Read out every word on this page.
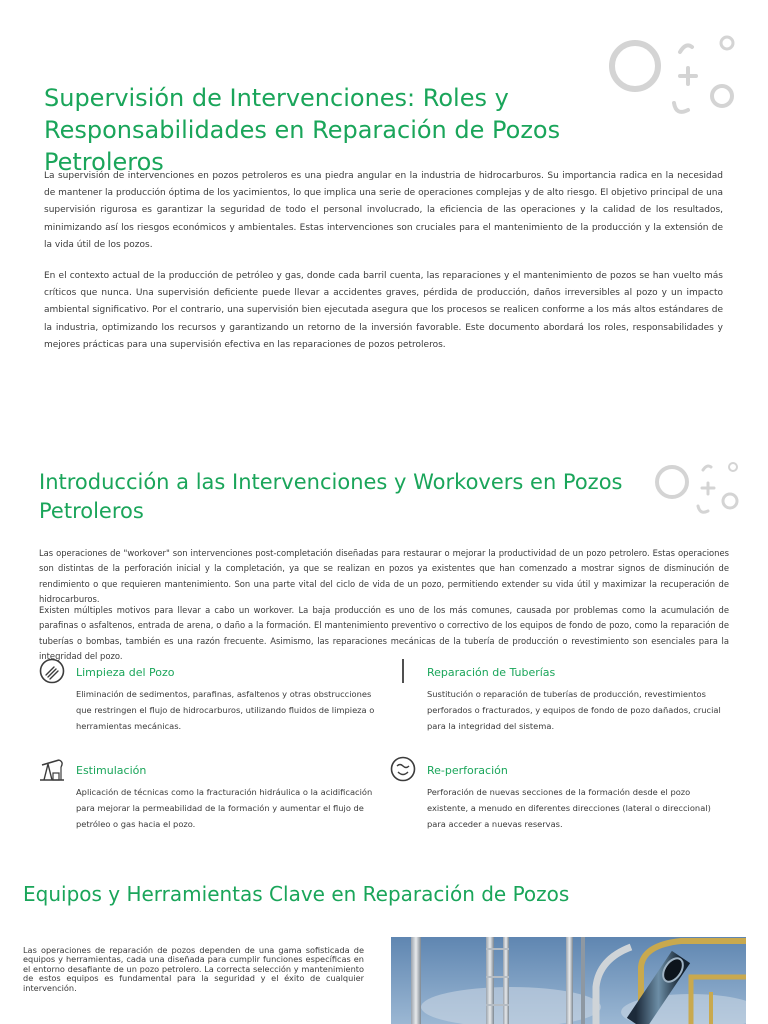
Supervisión de Intervenciones: Roles y Responsabilidades en Reparación de Pozos Petroleros

La supervisión de intervenciones en pozos petroleros es una piedra angular en la industria de hidrocarburos. Su importancia radica en la necesidad de mantener la producción óptima de los yacimientos, lo que implica una serie de operaciones complejas y de alto riesgo. El objetivo principal de una supervisión rigurosa es garantizar la seguridad de todo el personal involucrado, la eficiencia de las operaciones y la calidad de los resultados, minimizando así los riesgos económicos y ambientales. Estas intervenciones son cruciales para el mantenimiento de la producción y la extensión de la vida útil de los pozos.

En el contexto actual de la producción de petróleo y gas, donde cada barril cuenta, las reparaciones y el mantenimiento de pozos se han vuelto más críticos que nunca. Una supervisión deficiente puede llevar a accidentes graves, pérdida de producción, daños irreversibles al pozo y un impacto ambiental significativo. Por el contrario, una supervisión bien ejecutada asegura que los procesos se realicen conforme a los más altos estándares de la industria, optimizando los recursos y garantizando un retorno de la inversión favorable. Este documento abordará los roles, responsabilidades y mejores prácticas para una supervisión efectiva en las reparaciones de pozos petroleros.

Introducción a las Intervenciones y Workovers en Pozos Petroleros

Las operaciones de "workover" son intervenciones post-completación diseñadas para restaurar o mejorar la productividad de un pozo petrolero. Estas operaciones son distintas de la perforación inicial y la completación, ya que se realizan en pozos ya existentes que han comenzado a mostrar signos de disminución de rendimiento o que requieren mantenimiento. Son una parte vital del ciclo de vida de un pozo, permitiendo extender su vida útil y maximizar la recuperación de hidrocarburos.

Existen múltiples motivos para llevar a cabo un workover. La baja producción es uno de los más comunes, causada por problemas como la acumulación de parafinas o asfaltenos, entrada de arena, o daño a la formación. El mantenimiento preventivo o correctivo de los equipos de fondo de pozo, como la reparación de tuberías o bombas, también es una razón frecuente. Asimismo, las reparaciones mecánicas de la tubería de producción o revestimiento son esenciales para la integridad del pozo.

Limpieza del Pozo

Eliminación de sedimentos, parafinas, asfaltenos y otras obstrucciones que restringen el flujo de hidrocarburos, utilizando fluidos de limpieza o herramientas mecánicas.

Reparación de Tuberías

Sustitución o reparación de tuberías de producción, revestimientos perforados o fracturados, y equipos de fondo de pozo dañados, crucial para la integridad del sistema.

Estimulación

Aplicación de técnicas como la fracturación hidráulica o la acidificación para mejorar la permeabilidad de la formación y aumentar el flujo de petróleo o gas hacia el pozo.

Re-perforación

Perforación de nuevas secciones de la formación desde el pozo existente, a menudo en diferentes direcciones (lateral o direccional) para acceder a nuevas reservas.

Equipos y Herramientas Clave en Reparación de Pozos

Las operaciones de reparación de pozos dependen de una gama sofisticada de equipos y herramientas, cada una diseñada para cumplir funciones específicas en el entorno desafiante de un pozo petrolero. La correcta selección y mantenimiento de estos equipos es fundamental para la seguridad y el éxito de cualquier intervención.
